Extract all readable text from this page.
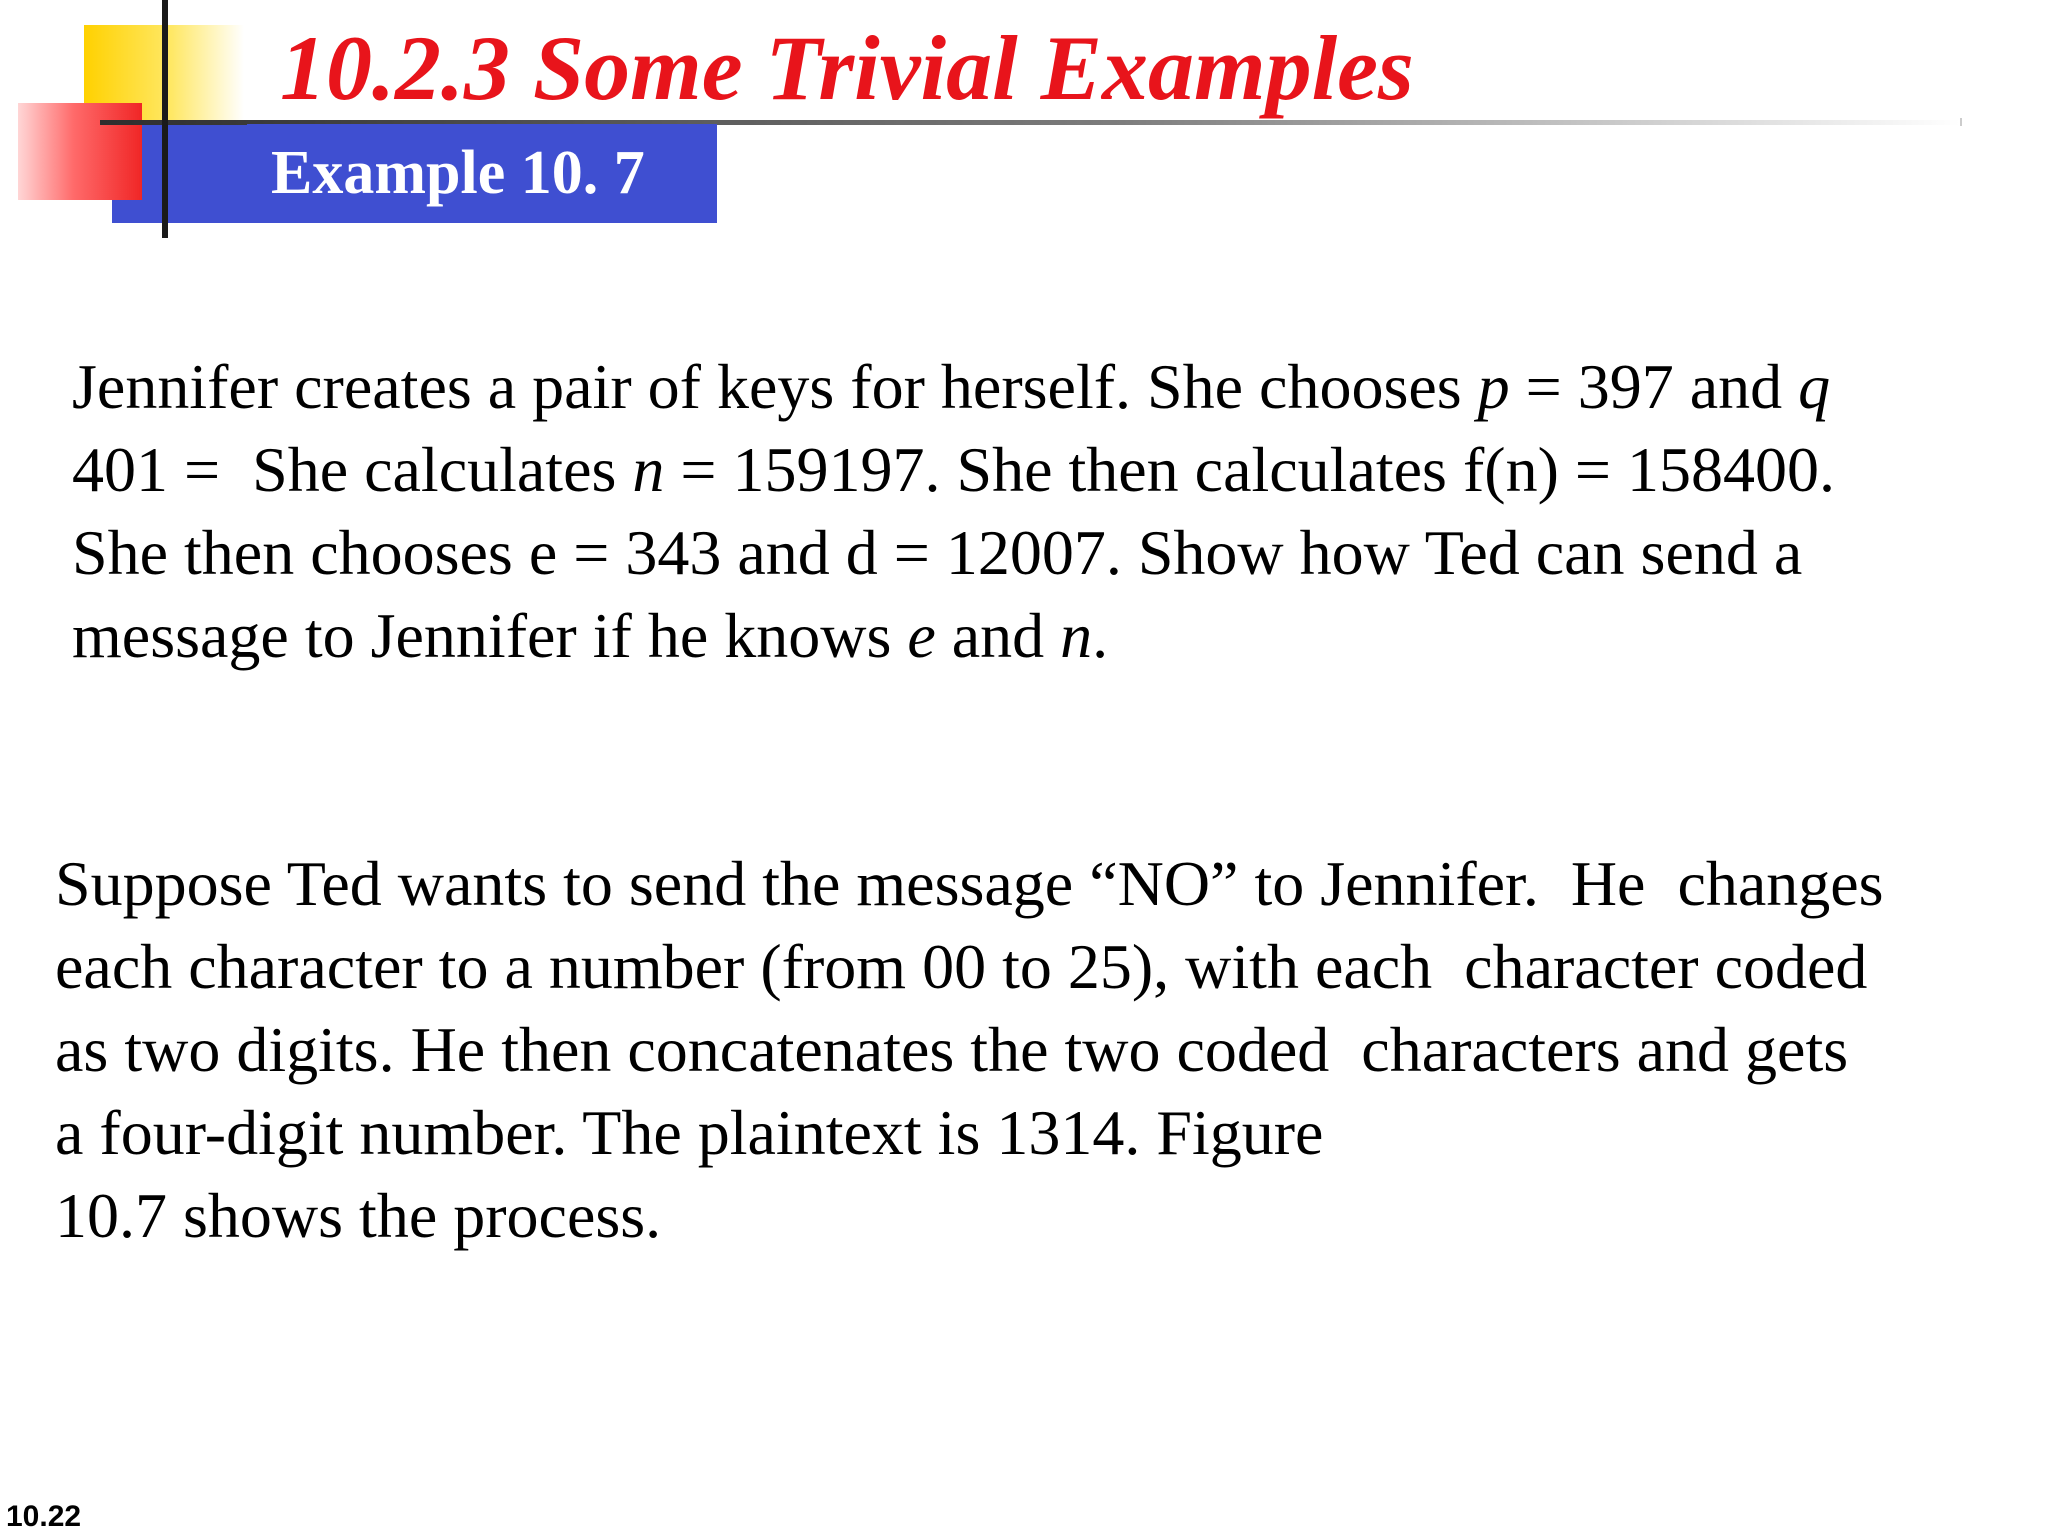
10.2.3 Some Trivial Examples
Example 10. 7
Jennifer creates a pair of keys for herself. She chooses p = 397 and q
401 =  She calculates n = 159197. She then calculates f(n) = 158400.
She then chooses e = 343 and d = 12007. Show how Ted can send a
message to Jennifer if he knows e and n.
Suppose Ted wants to send the message “NO” to Jennifer.  He  changes
each character to a number (from 00 to 25), with each  character coded
as two digits. He then concatenates the two coded  characters and gets
a four-digit number. The plaintext is 1314. Figure
10.7 shows the process.
10.22
